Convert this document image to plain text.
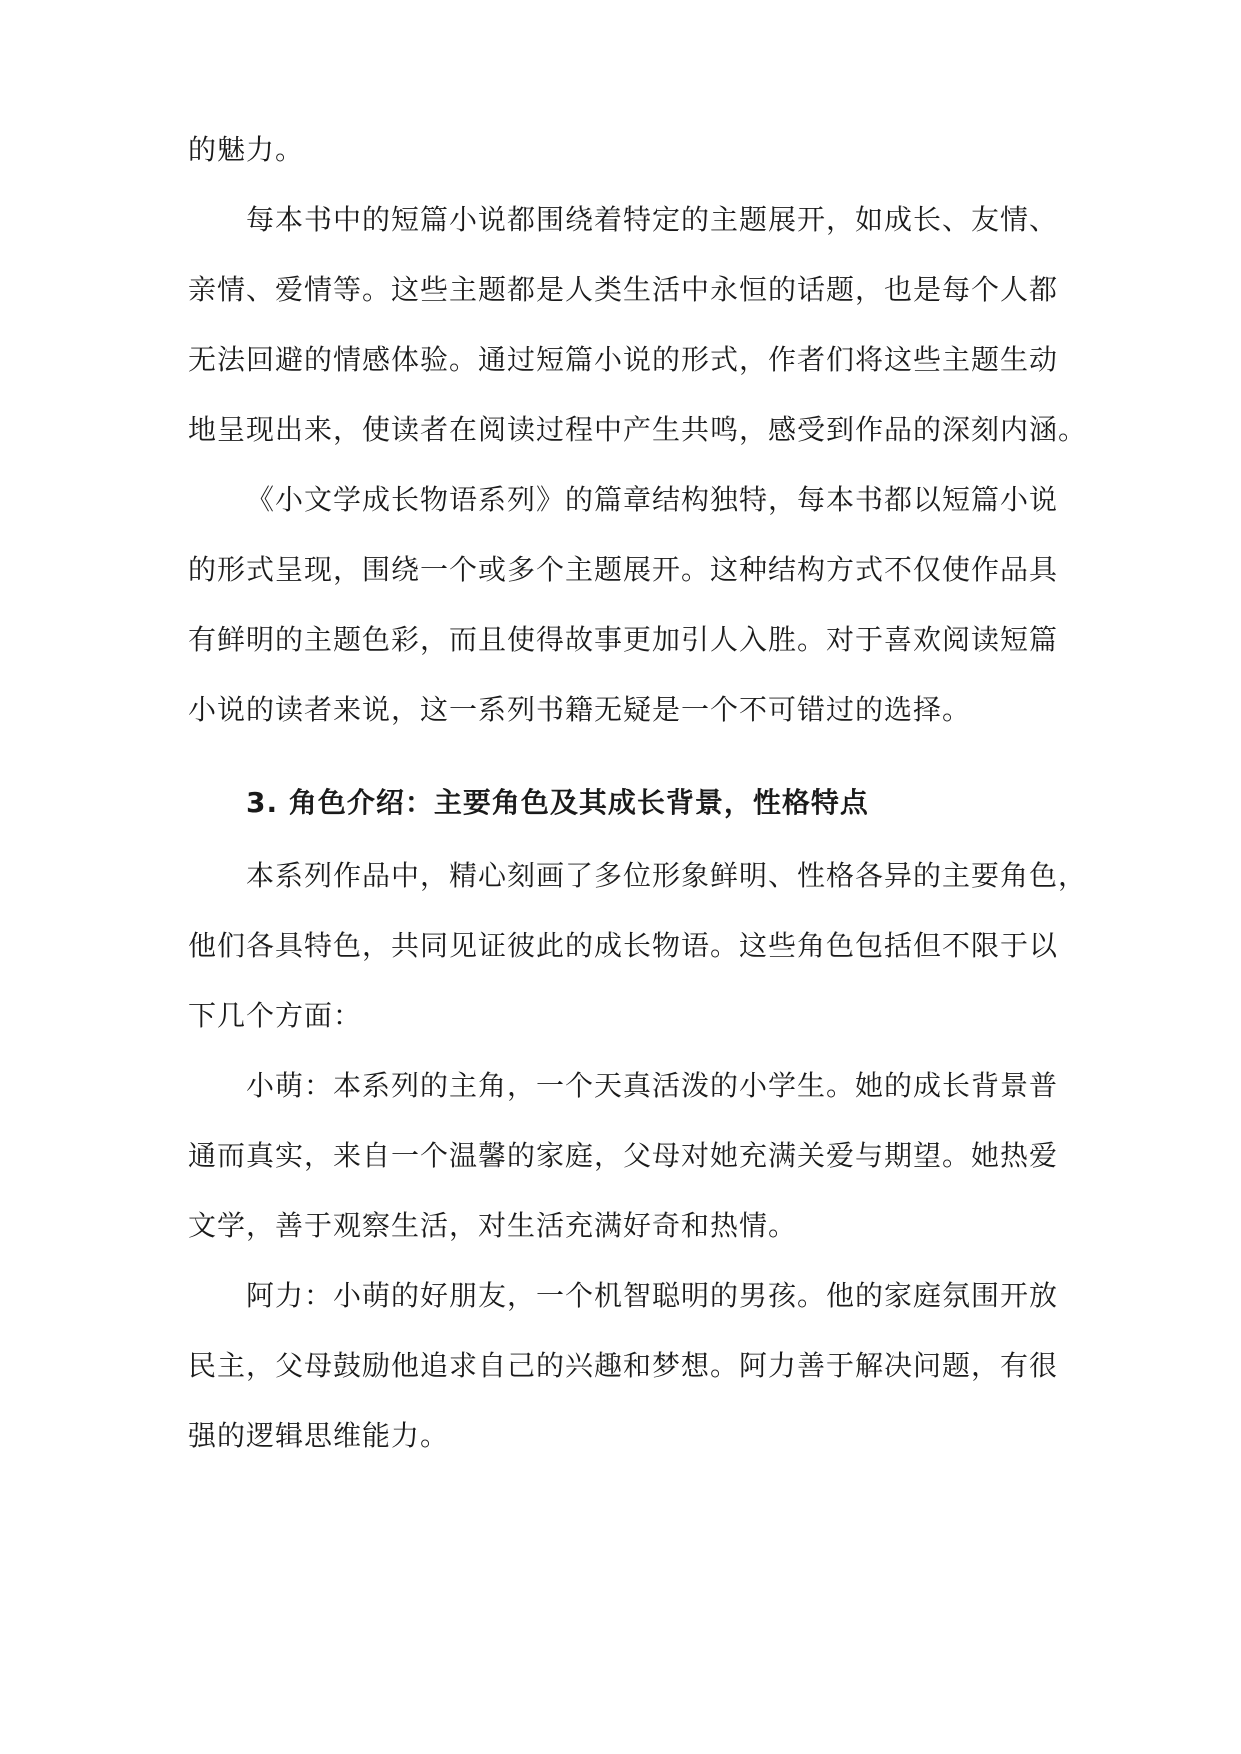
的魅力。
每本书中的短篇小说都围绕着特定的主题展开，如成长、友情、
亲情、爱情等。这些主题都是人类生活中永恒的话题，也是每个人都
无法回避的情感体验。通过短篇小说的形式，作者们将这些主题生动
地呈现出来，使读者在阅读过程中产生共鸣，感受到作品的深刻内涵。
《小文学成长物语系列》的篇章结构独特，每本书都以短篇小说
的形式呈现，围绕一个或多个主题展开。这种结构方式不仅使作品具
有鲜明的主题色彩，而且使得故事更加引人入胜。对于喜欢阅读短篇
小说的读者来说，这一系列书籍无疑是一个不可错过的选择。
3. 角色介绍：主要角色及其成长背景，性格特点
本系列作品中，精心刻画了多位形象鲜明、性格各异的主要角色，
他们各具特色，共同见证彼此的成长物语。这些角色包括但不限于以
下几个方面：
小萌：本系列的主角，一个天真活泼的小学生。她的成长背景普
通而真实，来自一个温馨的家庭，父母对她充满关爱与期望。她热爱
文学，善于观察生活，对生活充满好奇和热情。
阿力：小萌的好朋友，一个机智聪明的男孩。他的家庭氛围开放
民主，父母鼓励他追求自己的兴趣和梦想。阿力善于解决问题，有很
强的逻辑思维能力。
